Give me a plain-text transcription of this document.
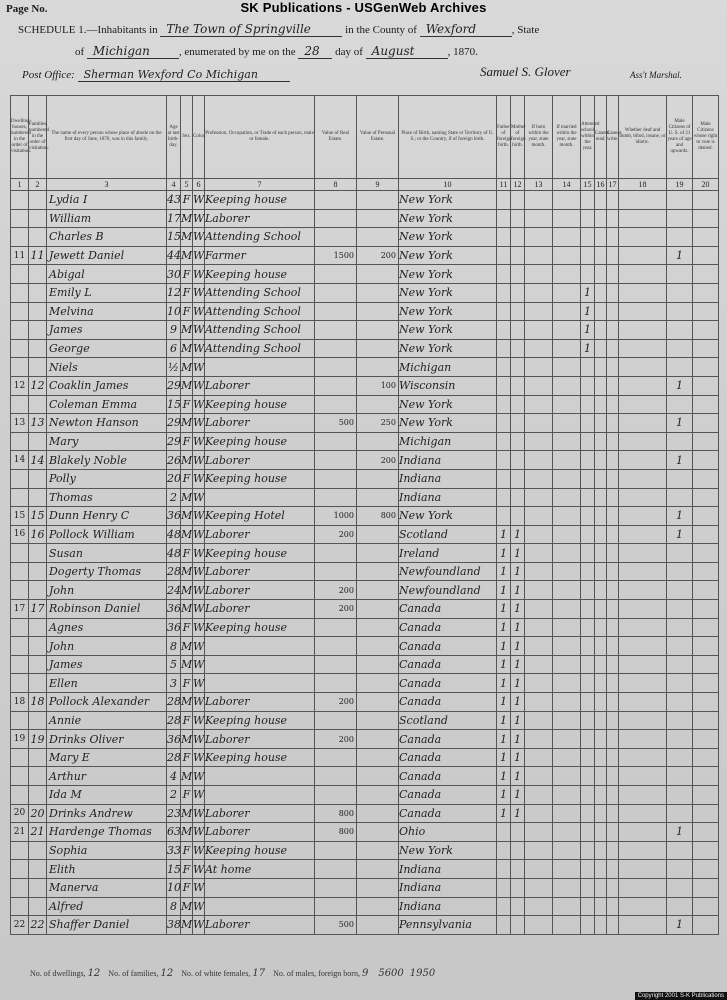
SK Publications - USGenWeb Archives
Page No.
SCHEDULE 1.—Inhabitants in The Town of Springville	in the County of Wexford	, State
of Michigan	, enumerated by me on the 28 day of August	, 1870.
Post Office: Sherman Wexford Co Michigan	Samuel S. Glover	Ass't Marshal.
Dwelling-houses, numbered in the order of visitation.	Families, numbered in the order of visitation.	The name of every person whose place of abode on the first day of June, 1870, was in this family.	Age at last birth-day.	Sex.	Color.	Profession, Occupation, or Trade of each person, male or female.	Value of Real Estate.	Value of Personal Estate.	Place of Birth, naming State or Territory of U. S.; or the Country, if of foreign birth.	Father of foreign birth.	Mother of foreign birth.	If born within the year, state month.	If married within the year, state month.	Attended school within the year.	Cannot read.	Cannot write.	Whether deaf and dumb, blind, insane, or idiotic.	Male Citizens of U. S. of 21 years of age and upwards.	Male Citizens whose right to vote is denied.
1	2	3	4	5	6	7	8	9	10	11	12	13	14	15	16	17	18	19	20
		Lydia I	43	F	W	Keeping house			New York										
		William	17	M	W	Laborer			New York										
		Charles B	15	M	W	Attending School			New York										
11	11	Jewett Daniel	44	M	W	Farmer	1500	200	New York									1	
		Abigal	30	F	W	Keeping house			New York										
		Emily L	12	F	W	Attending School			New York					1					
		Melvina	10	F	W	Attending School			New York					1					
		James	9	M	W	Attending School			New York					1					
		George	6	M	W	Attending School			New York					1					
		Niels	½	M	W				Michigan										
12	12	Coaklin James	29	M	W	Laborer		100	Wisconsin									1	
		Coleman Emma	15	F	W	Keeping house			New York										
13	13	Newton Hanson	29	M	W	Laborer	500	250	New York									1	
		Mary	29	F	W	Keeping house			Michigan										
14	14	Blakely Noble	26	M	W	Laborer		200	Indiana									1	
		Polly	20	F	W	Keeping house			Indiana										
		Thomas	2	M	W				Indiana										
15	15	Dunn Henry C	36	M	W	Keeping Hotel	1000	800	New York									1	
16	16	Pollock William	48	M	W	Laborer	200		Scotland	1	1							1	
		Susan	48	F	W	Keeping house			Ireland	1	1								
		Dogerty Thomas	28	M	W	Laborer			Newfoundland	1	1								
		John	24	M	W	Laborer	200		Newfoundland	1	1								
17	17	Robinson Daniel	36	M	W	Laborer	200		Canada	1	1								
		Agnes	36	F	W	Keeping house			Canada	1	1								
		John	8	M	W				Canada	1	1								
		James	5	M	W				Canada	1	1								
		Ellen	3	F	W				Canada	1	1								
18	18	Pollock Alexander	28	M	W	Laborer	200		Canada	1	1								
		Annie	28	F	W	Keeping house			Scotland	1	1								
19	19	Drinks Oliver	36	M	W	Laborer	200		Canada	1	1								
		Mary E	28	F	W	Keeping house			Canada	1	1								
		Arthur	4	M	W				Canada	1	1								
		Ida M	2	F	W				Canada	1	1								
20	20	Drinks Andrew	23	M	W	Laborer	800		Canada	1	1								
21	21	Hardenge Thomas	63	M	W	Laborer	800		Ohio									1	
		Sophia	33	F	W	Keeping house			New York										
		Elith	15	F	W	At home			Indiana										
		Manerva	10	F	W				Indiana										
		Alfred	8	M	W				Indiana										
22	22	Shaffer Daniel	38	M	W	Laborer	500		Pennsylvania									1	
No. of dwellings, 12 No. of families, 12 No. of white females, 17 No. of males, foreign born, 9 5600 1950
Copyright 2001 S-K Publications
